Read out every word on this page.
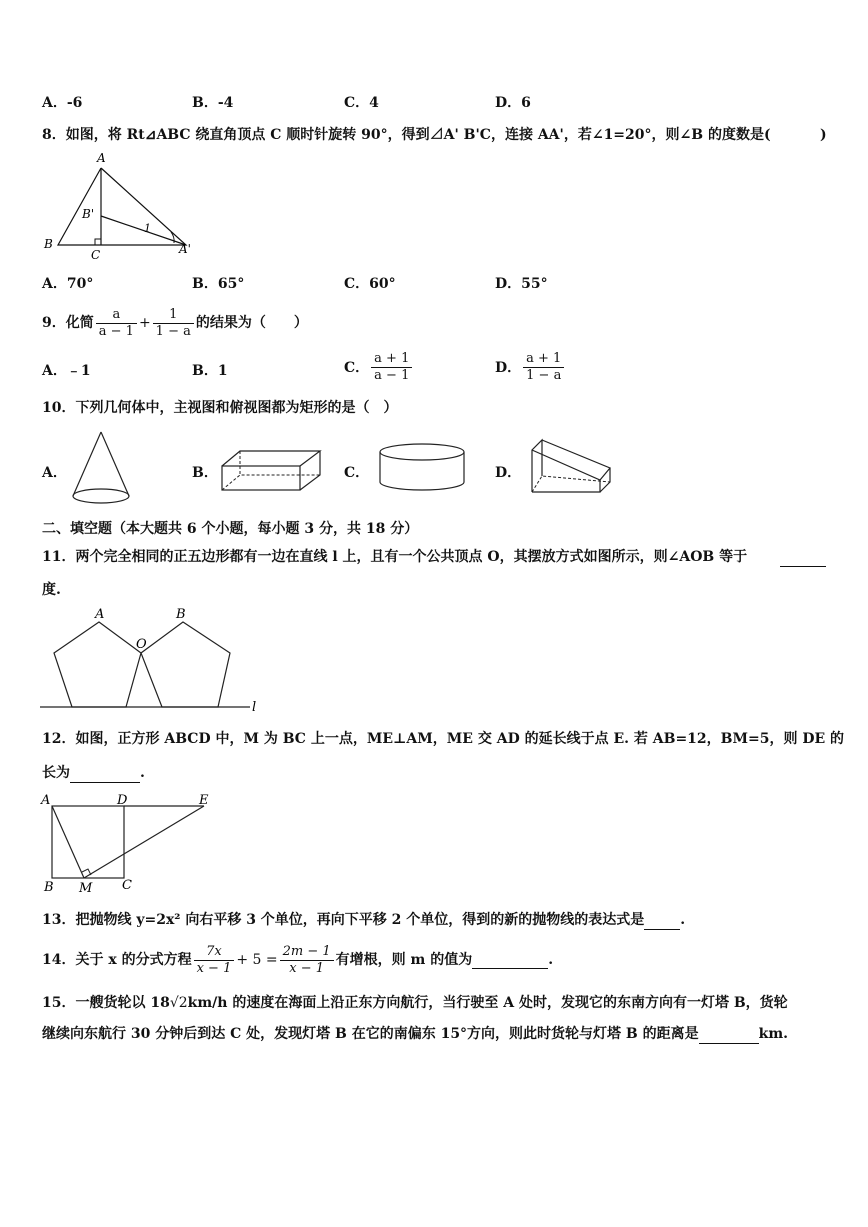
A．-6	B．-4	C．4	D．6
8．如图，将 Rt⊿ABC 绕直角顶点 C 顺时针旋转 90°，得到⊿A' B'C，连接 AA'，若∠1=20°，则∠B 的度数是(	)
A
B'
1
B
C	A'
A．70°	B．65°	C．60°	D．55°
9．化简 $\frac{a}{a - 1} + \frac{1}{1 - a}$ 的结果为（　　）
A．﹣1	B．1	C． $\frac{a + 1}{a - 1}$	D． $\frac{a + 1}{1 - a}$
10．下列几何体中，主视图和俯视图都为矩形的是（　）
A．	B．	C．	D．
二、填空题（本大题共 6 个小题，每小题 3 分，共 18 分）
11．两个完全相同的正五边形都有一边在直线 l 上，且有一个公共顶点 O，其摆放方式如图所示，则∠AOB 等于
度.
A
O
B
l
12．如图，正方形 ABCD 中，M 为 BC 上一点，ME⊥AM，ME 交 AD 的延长线于点 E. 若 AB=12，BM=5，则 DE 的
长为	.
A	D	E
B M C
13．把抛物线 y=2x² 向右平移 3 个单位，再向下平移 2 个单位，得到的新的抛物线的表达式是	.
14．关于 x 的分式方程 $\frac{7x}{x - 1} + 5 = \frac{2m - 1}{x - 1}$ 有增根，则 m 的值为	.
15．一艘货轮以 18√2km/h 的速度在海面上沿正东方向航行，当行驶至 A 处时，发现它的东南方向有一灯塔 B，货轮
继续向东航行 30 分钟后到达 C 处，发现灯塔 B 在它的南偏东 15°方向，则此时货轮与灯塔 B 的距离是	km.
